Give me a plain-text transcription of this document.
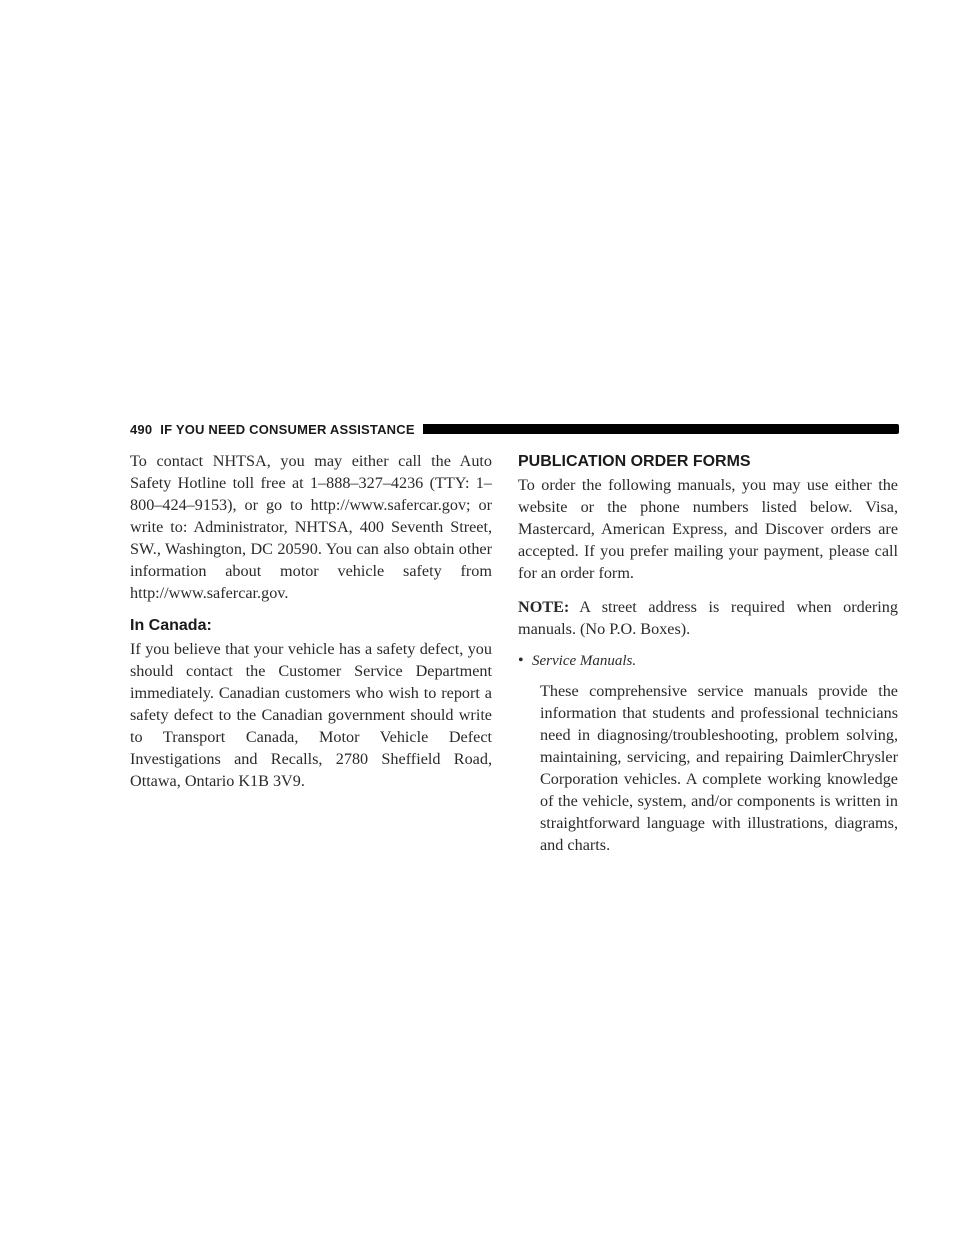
490 IF YOU NEED CONSUMER ASSISTANCE

To contact NHTSA, you may either call the Auto Safety Hotline toll free at 1–888–327–4236 (TTY: 1–800–424–9153), or go to http://www.safercar.gov; or write to: Administrator, NHTSA, 400 Seventh Street, SW., Washington, DC 20590. You can also obtain other information about motor vehicle safety from http://www.safercar.gov.

In Canada:

If you believe that your vehicle has a safety defect, you should contact the Customer Service Department immediately. Canadian customers who wish to report a safety defect to the Canadian government should write to Transport Canada, Motor Vehicle Defect Investigations and Recalls, 2780 Sheffield Road, Ottawa, Ontario K1B 3V9.

PUBLICATION ORDER FORMS

To order the following manuals, you may use either the website or the phone numbers listed below. Visa, Mastercard, American Express, and Discover orders are accepted. If you prefer mailing your payment, please call for an order form.

NOTE: A street address is required when ordering manuals. (No P.O. Boxes).

• Service Manuals.

These comprehensive service manuals provide the information that students and professional technicians need in diagnosing/troubleshooting, problem solving, maintaining, servicing, and repairing DaimlerChrysler Corporation vehicles. A complete working knowledge of the vehicle, system, and/or components is written in straightforward language with illustrations, diagrams, and charts.
